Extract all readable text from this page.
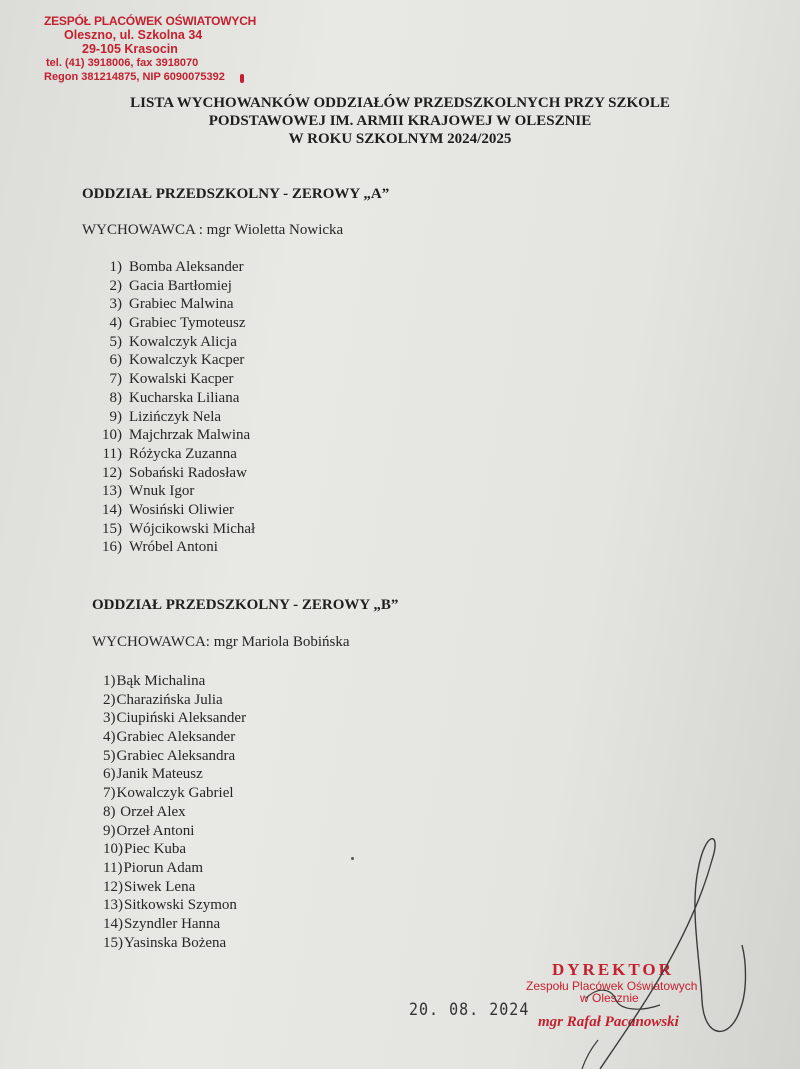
ZESPÓŁ PLACÓWEK OŚWIATOWYCH
Oleszno, ul. Szkolna 34
29-105 Krasocin
tel. (41) 3918006, fax 3918070
Regon 381214875, NIP 6090075392
LISTA WYCHOWANKÓW ODDZIAŁÓW PRZEDSZKOLNYCH PRZY SZKOLE
PODSTAWOWEJ IM. ARMII KRAJOWEJ W OLESZNIE
W ROKU SZKOLNYM 2024/2025
ODDZIAŁ PRZEDSZKOLNY - ZEROWY „A”
WYCHOWAWCA : mgr Wioletta Nowicka
1) Bomba Aleksander
2) Gacia Bartłomiej
3) Grabiec Malwina
4) Grabiec Tymoteusz
5) Kowalczyk Alicja
6) Kowalczyk Kacper
7) Kowalski Kacper
8) Kucharska Liliana
9) Lizińczyk Nela
10) Majchrzak Malwina
11) Różycka Zuzanna
12) Sobański Radosław
13) Wnuk Igor
14) Wosiński Oliwier
15) Wójcikowski Michał
16) Wróbel Antoni
ODDZIAŁ PRZEDSZKOLNY - ZEROWY „B”
WYCHOWAWCA: mgr Mariola Bobińska
1)Bąk Michalina
2)Charazińska Julia
3)Ciupiński Aleksander
4)Grabiec Aleksander
5)Grabiec Aleksandra
6)Janik Mateusz
7)Kowalczyk Gabriel
8) Orzeł Alex
9)Orzeł Antoni
10)Piec Kuba
11)Piorun Adam
12)Siwek Lena
13)Sitkowski Szymon
14)Szyndler Hanna
15)Yasinska Bożena
20. 08. 2024
DYREKTOR
Zespołu Placówek Oświatowych
w Olesznie
mgr Rafał Pacanowski
